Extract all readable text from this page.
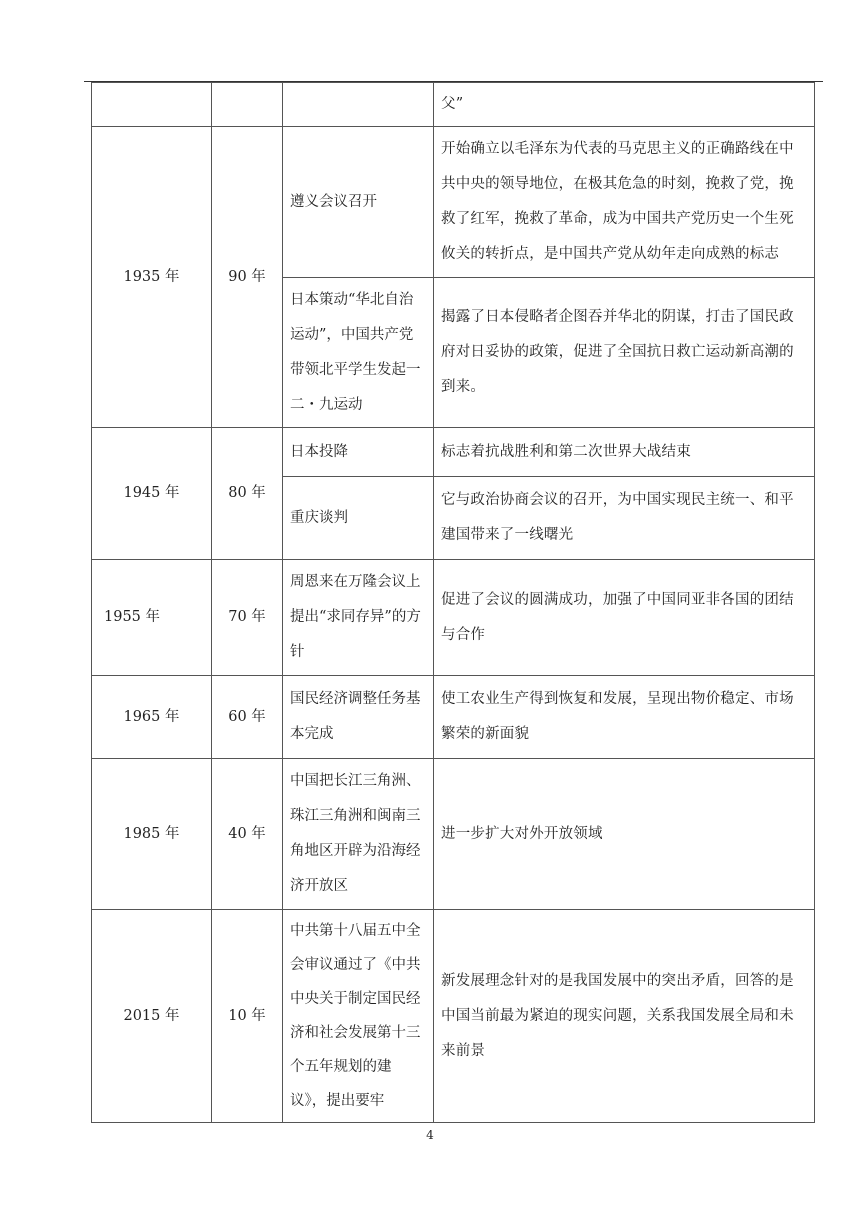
			父”
1935 年	90 年	遵义会议召开	开始确立以毛泽东为代表的马克思主义的正确路线在中共中央的领导地位，在极其危急的时刻，挽救了党，挽救了红军，挽救了革命，成为中国共产党历史一个生死攸关的转折点，是中国共产党从幼年走向成熟的标志
		日本策动“华北自治运动”，中国共产党带领北平学生发起一二・九运动	揭露了日本侵略者企图吞并华北的阴谋，打击了国民政府对日妥协的政策，促进了全国抗日救亡运动新高潮的到来。
1945 年	80 年	日本投降	标志着抗战胜利和第二次世界大战结束
		重庆谈判	它与政治协商会议的召开，为中国实现民主统一、和平建国带来了一线曙光
1955 年	70 年	周恩来在万隆会议上提出“求同存异”的方针	促进了会议的圆满成功，加强了中国同亚非各国的团结与合作
1965 年	60 年	国民经济调整任务基本完成	使工农业生产得到恢复和发展，呈现出物价稳定、市场繁荣的新面貌
1985 年	40 年	中国把长江三角洲、珠江三角洲和闽南三角地区开辟为沿海经济开放区	进一步扩大对外开放领域
2015 年	10 年	中共第十八届五中全会审议通过了《中共中央关于制定国民经济和社会发展第十三个五年规划的建议》，提出要牢	新发展理念针对的是我国发展中的突出矛盾，回答的是中国当前最为紧迫的现实问题，关系我国发展全局和未来前景
4
